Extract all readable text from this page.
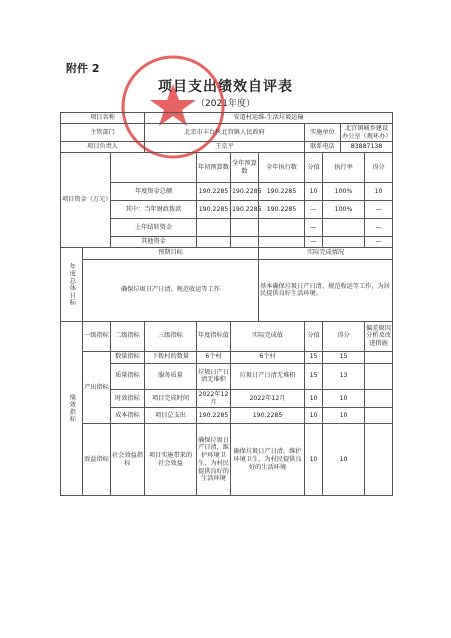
附件 2
项目支出绩效自评表
（2021年度）
项目名称			安道村运维-生活垃圾运输							
主管部门			北京市丰台区北宫镇人民政府				实施单位		北宫镇城乡建设办公室（规环办）	
项目负责人			王京平				联系电话		83887138	
项目资金（万元）				年初预算数	全年预算数	全年执行数	分值	执行率		得分
		年度资金总额		190.2285	190.2285	190.2285	10	100%		10
		其中：当年财政拨款		190.2285	190.2285	190.2285	—	100%		—
		上年结转资金					—			—
		其他资金					—			—

年度总体目标	预期目标					实际完成情况				
	确保垃圾日产日清、规范收运等工作					基本确保垃圾日产日清、规范收运等工作，为居民提供良好生活环境。				

绩效指标	一级指标	二级指标	三级指标	年度指标值	实际完成值		分值	得分		偏差原因分析及改进措施
	产出指标	数量指标	下拨村的数量	6个村	6个村		15	15		
		质量指标	服务质量	垃圾日产日清无堆积	垃圾日产日清无堆积		15	13		
		时效指标	项目完成时间	2022年12月	2022年12月		10	10		
		成本指标	项目总支出	190.2285	190.2285		10	10		
	效益指标	社会效益指标	项目实施带来的社会效益	确保垃圾日产日清，维护环境卫生，为村民提供良好的生活环境	确保垃圾日产日清，维护环境卫生，为村民提供良好的生活环境		10	10		
